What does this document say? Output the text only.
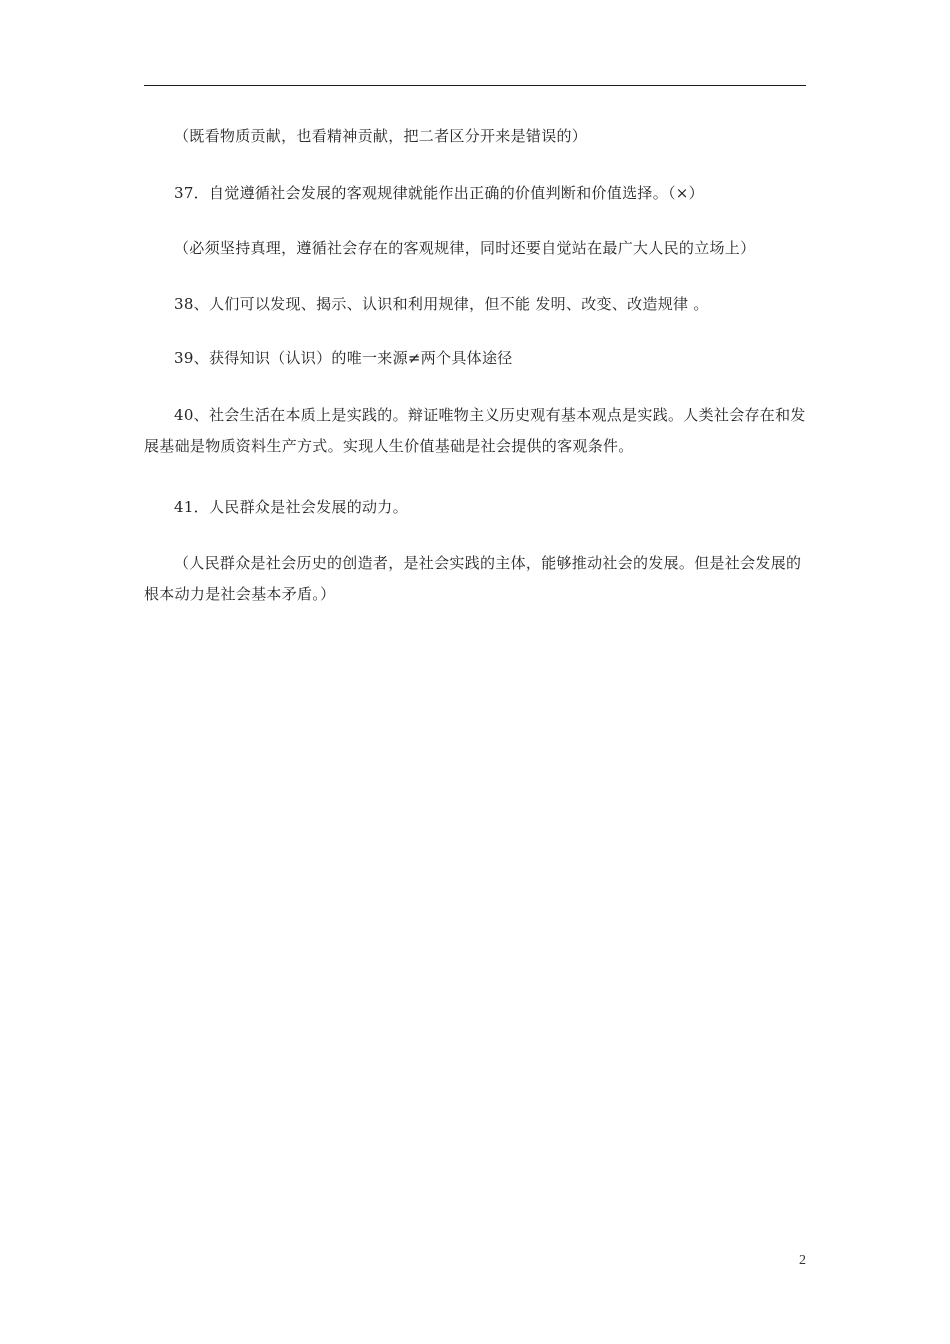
（既看物质贡献，也看精神贡献，把二者区分开来是错误的）

37．自觉遵循社会发展的客观规律就能作出正确的价值判断和价值选择。（×）

（必须坚持真理，遵循社会存在的客观规律，同时还要自觉站在最广大人民的立场上）

38、人们可以发现、揭示、认识和利用规律，但不能 发明、改变、改造规律 。

39、获得知识（认识）的唯一来源≠两个具体途径

40、社会生活在本质上是实践的。辩证唯物主义历史观有基本观点是实践。人类社会存在和发展基础是物质资料生产方式。实现人生价值基础是社会提供的客观条件。

41．人民群众是社会发展的动力。

（人民群众是社会历史的创造者，是社会实践的主体，能够推动社会的发展。但是社会发展的根本动力是社会基本矛盾。）

2
